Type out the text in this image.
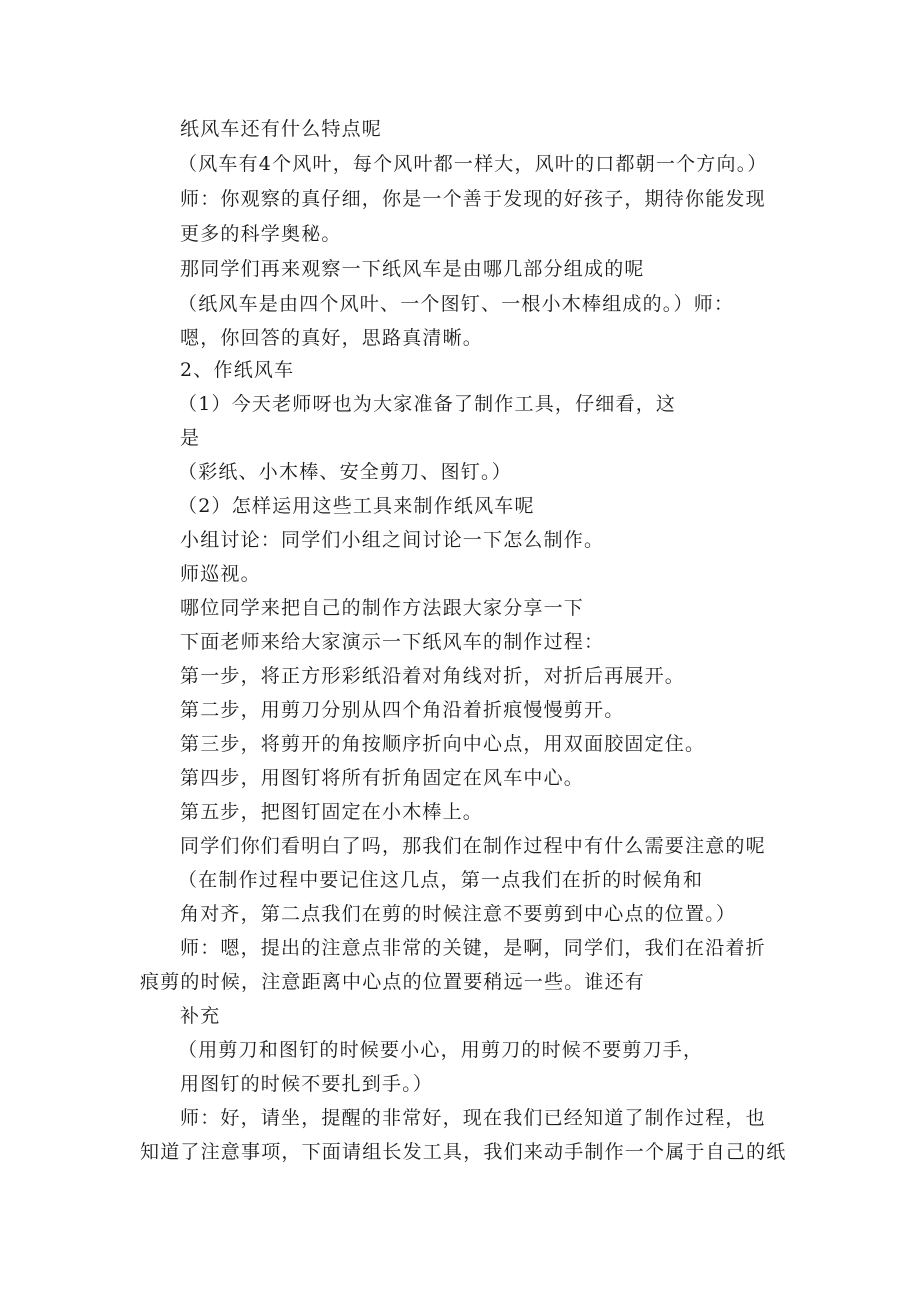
纸风车还有什么特点呢
（风车有4个风叶，每个风叶都一样大，风叶的口都朝一个方向。）
师：你观察的真仔细，你是一个善于发现的好孩子，期待你能发现
更多的科学奥秘。
那同学们再来观察一下纸风车是由哪几部分组成的呢
（纸风车是由四个风叶、一个图钉、一根小木棒组成的。）师：
嗯，你回答的真好，思路真清晰。
2、作纸风车
（1）今天老师呀也为大家准备了制作工具，仔细看，这
是
（彩纸、小木棒、安全剪刀、图钉。）
（2）怎样运用这些工具来制作纸风车呢
小组讨论：同学们小组之间讨论一下怎么制作。
师巡视。
哪位同学来把自己的制作方法跟大家分享一下
下面老师来给大家演示一下纸风车的制作过程：
第一步，将正方形彩纸沿着对角线对折，对折后再展开。
第二步，用剪刀分别从四个角沿着折痕慢慢剪开。
第三步，将剪开的角按顺序折向中心点，用双面胶固定住。
第四步，用图钉将所有折角固定在风车中心。
第五步，把图钉固定在小木棒上。
同学们你们看明白了吗，那我们在制作过程中有什么需要注意的呢
（在制作过程中要记住这几点，第一点我们在折的时候角和
角对齐，第二点我们在剪的时候注意不要剪到中心点的位置。）
师：嗯，提出的注意点非常的关键，是啊，同学们，我们在沿着折
痕剪的时候，注意距离中心点的位置要稍远一些。谁还有
补充
（用剪刀和图钉的时候要小心，用剪刀的时候不要剪刀手，
用图钉的时候不要扎到手。）
师：好，请坐，提醒的非常好，现在我们已经知道了制作过程，也
知道了注意事项，下面请组长发工具，我们来动手制作一个属于自己的纸
